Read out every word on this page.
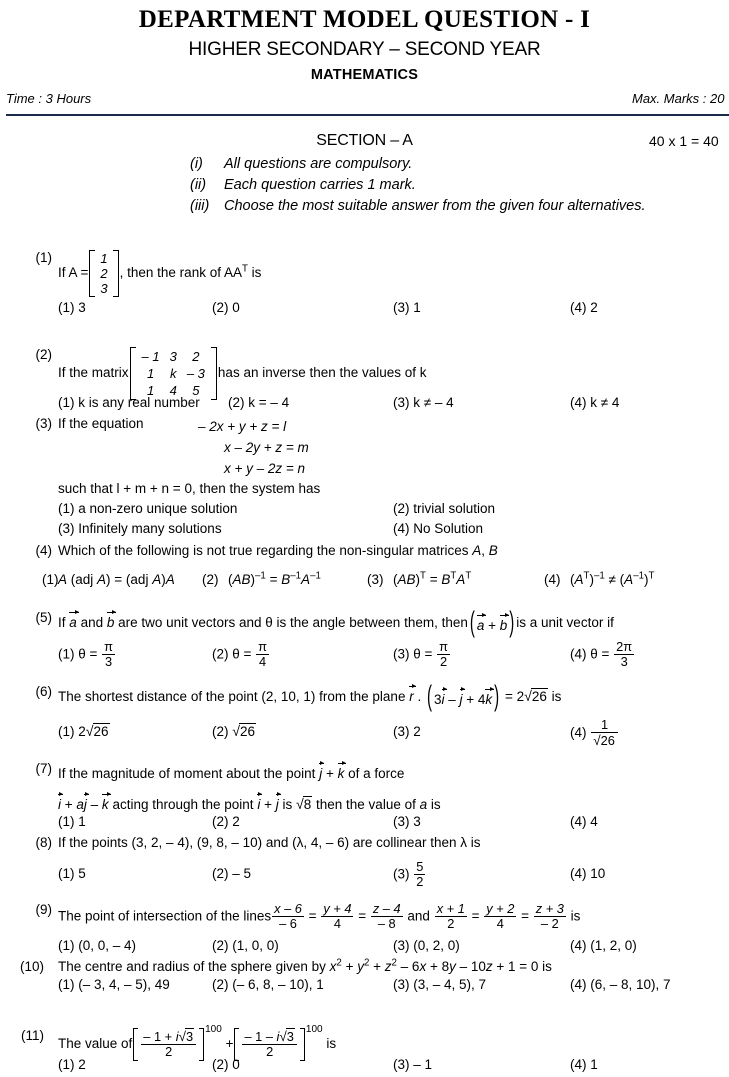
DEPARTMENT MODEL QUESTION - I
HIGHER SECONDARY – SECOND YEAR
MATHEMATICS
Time : 3 Hours	Max. Marks : 20
SECTION – A	40 x 1 = 40
(i) All questions are compulsory.
(ii) Each question carries 1 mark.
(iii) Choose the most suitable answer from the given four alternatives.
(1)
If A =
1
2
3
, then the rank of $AA^T$ is
(1) 3	(2) 0	(3) 1	(4) 2
(2)
If the matrix
– 1	3	2
1	k	– 3
1	4	5
has an inverse then the values of k
(1) k is any real number (2) k = – 4	(3) k ≠ – 4	(4) k ≠ 4
(3) If the equation	– 2x + y + z = l
x – 2y + z = m
x + y – 2z = n
such that l + m + n = 0, then the system has
(1) a non-zero unique solution	(2) trivial solution
(3) Infinitely many solutions	(4) No Solution
(4) Which of the following is not true regarding the non-singular matrices A, B
A (adj A) = (adj A)A
(1)	$(AB)^{-1} = B^{-1}A^{-1}$
(2)	$(AB)^T = B^TA^T$
(3)	$(A^T)^{-1} \ne (A^{-1})^T$
(4)
(5) If a and b are two unit vectors and θ is the angle between them, then ( a + b ) is a unit vector if
(1) $\theta = \frac{\pi}{3}$	(2) $\theta = \frac{\pi}{4}$	(3) $\theta = \frac{\pi}{2}$	(4) $\theta = \frac{2\pi}{3}$
(6) The shortest distance of the point (2, 10, 1) from the plane r . ( 3i – j + 4k ) = 2√26 is
(1) 2√26	(2) √26	(3) 2	$(4) \frac{1}{√26}$
(7) If the magnitude of moment about the point j + k of a force
i + aj – k acting through the point i + j is √8 then the value of a is
(1) 1	(2) 2	(3) 3	(4) 4
(8) If the points (3, 2, – 4), (9, 8, – 10) and (λ, 4, – 6) are collinear then λ is
(1) 5	(2) – 5	$(3) \frac{5}{2}$	(4) 10
(9) The point of intersection of the lines $\frac{x - 6}{- 6} = \frac{y + 4}{4} = \frac{z - 4}{- 8}$ and $\frac{x + 1}{2} = \frac{y + 2}{4} = \frac{z + 3}{- 2}$ is
(1) (0, 0, – 4)	(2) (1, 0, 0)	(3) (0, 2, 0)	(4) (1, 2, 0)
(10) The centre and radius of the sphere given by $x^2 + y^2 + z^2 - 6x + 8y - 10z + 1 = 0$ is
(1) (– 3, 4, – 5), 49	(2) (– 6, 8, – 10), 1	(3) (3, – 4, 5), 7	(4) (6, – 8, 10), 7
(11)
The value of $\frac{- 1 + i√3}{2} 100 + \frac{- 1 - i√3}{2} 100$ is
(1) 2	(2) 0	(3) – 1	(4) 1
